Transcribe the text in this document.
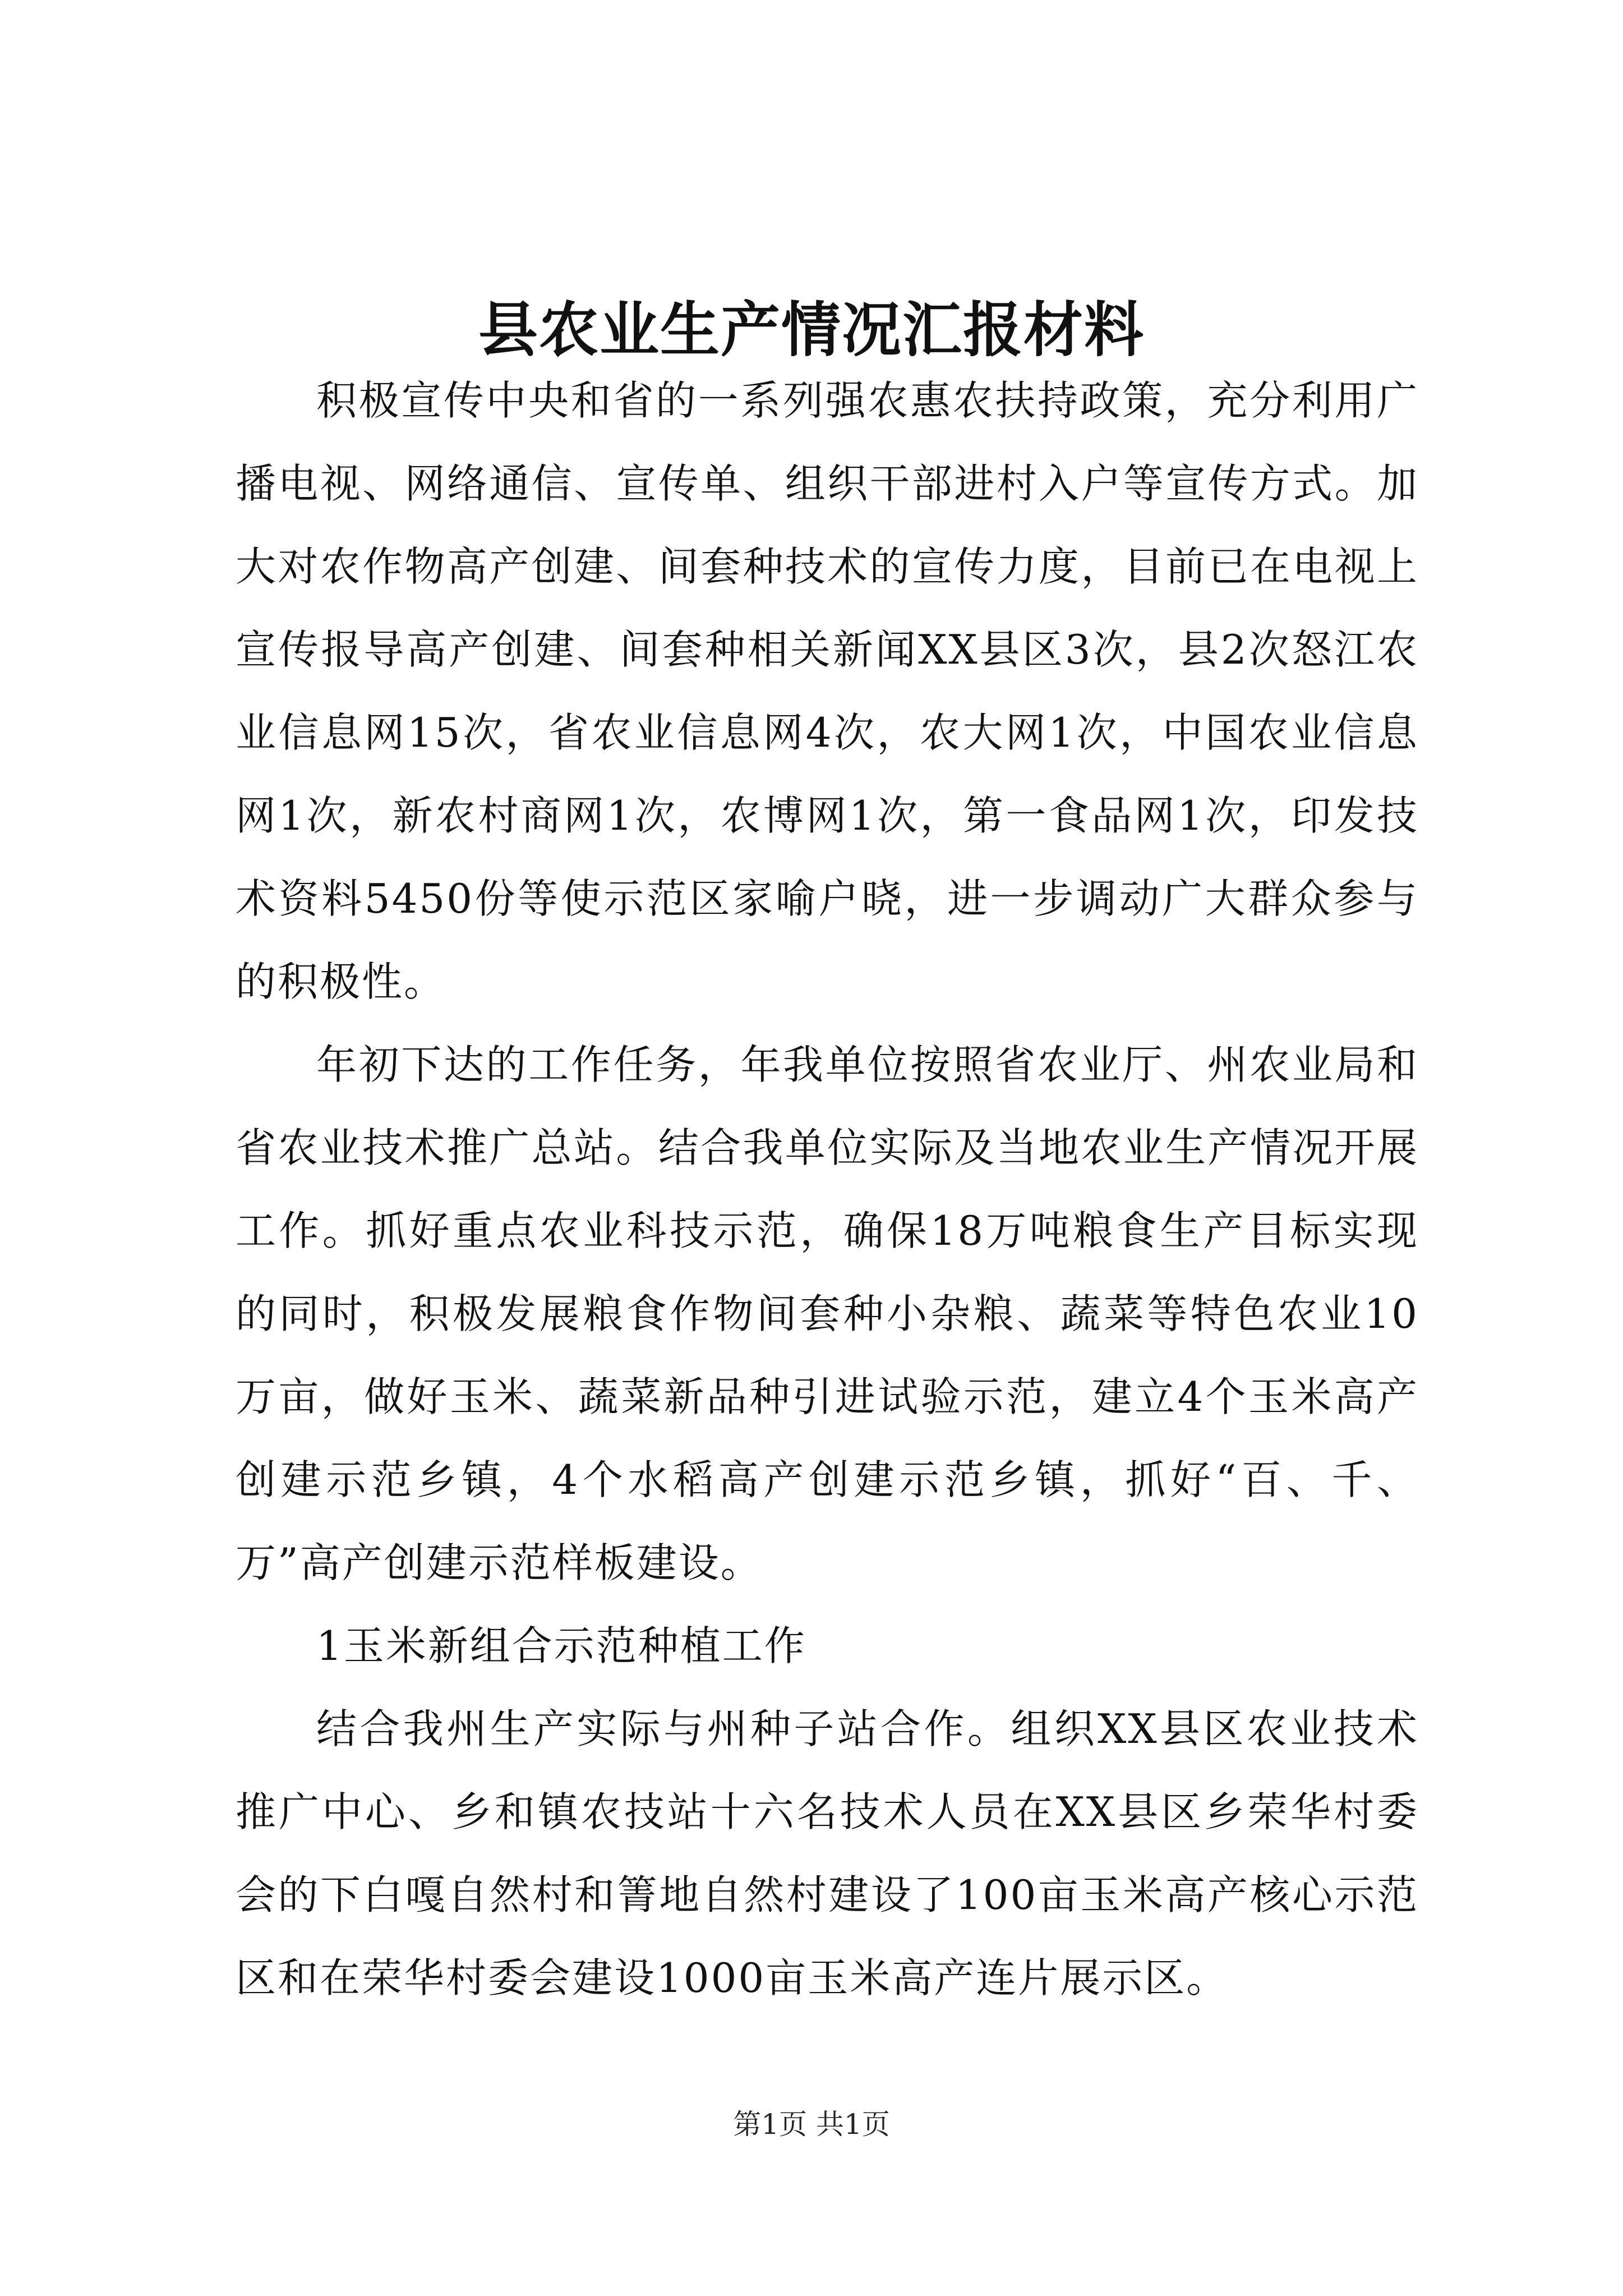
县农业生产情况汇报材料

积极宣传中央和省的一系列强农惠农扶持政策，充分利用广播电视、网络通信、宣传单、组织干部进村入户等宣传方式。加大对农作物高产创建、间套种技术的宣传力度，目前已在电视上宣传报导高产创建、间套种相关新闻XX县区3次，县2次怒江农业信息网15次，省农业信息网4次，农大网1次，中国农业信息网1次，新农村商网1次，农博网1次，第一食品网1次，印发技术资料5450份等使示范区家喻户晓，进一步调动广大群众参与的积极性。

年初下达的工作任务，年我单位按照省农业厅、州农业局和省农业技术推广总站。结合我单位实际及当地农业生产情况开展工作。抓好重点农业科技示范，确保18万吨粮食生产目标实现的同时，积极发展粮食作物间套种小杂粮、蔬菜等特色农业10万亩，做好玉米、蔬菜新品种引进试验示范，建立4个玉米高产创建示范乡镇，4个水稻高产创建示范乡镇，抓好“百、千、万”高产创建示范样板建设。

1玉米新组合示范种植工作

结合我州生产实际与州种子站合作。组织XX县区农业技术推广中心、乡和镇农技站十六名技术人员在XX县区乡荣华村委会的下白嘎自然村和箐地自然村建设了100亩玉米高产核心示范区和在荣华村委会建设1000亩玉米高产连片展示区。

第1页 共1页
